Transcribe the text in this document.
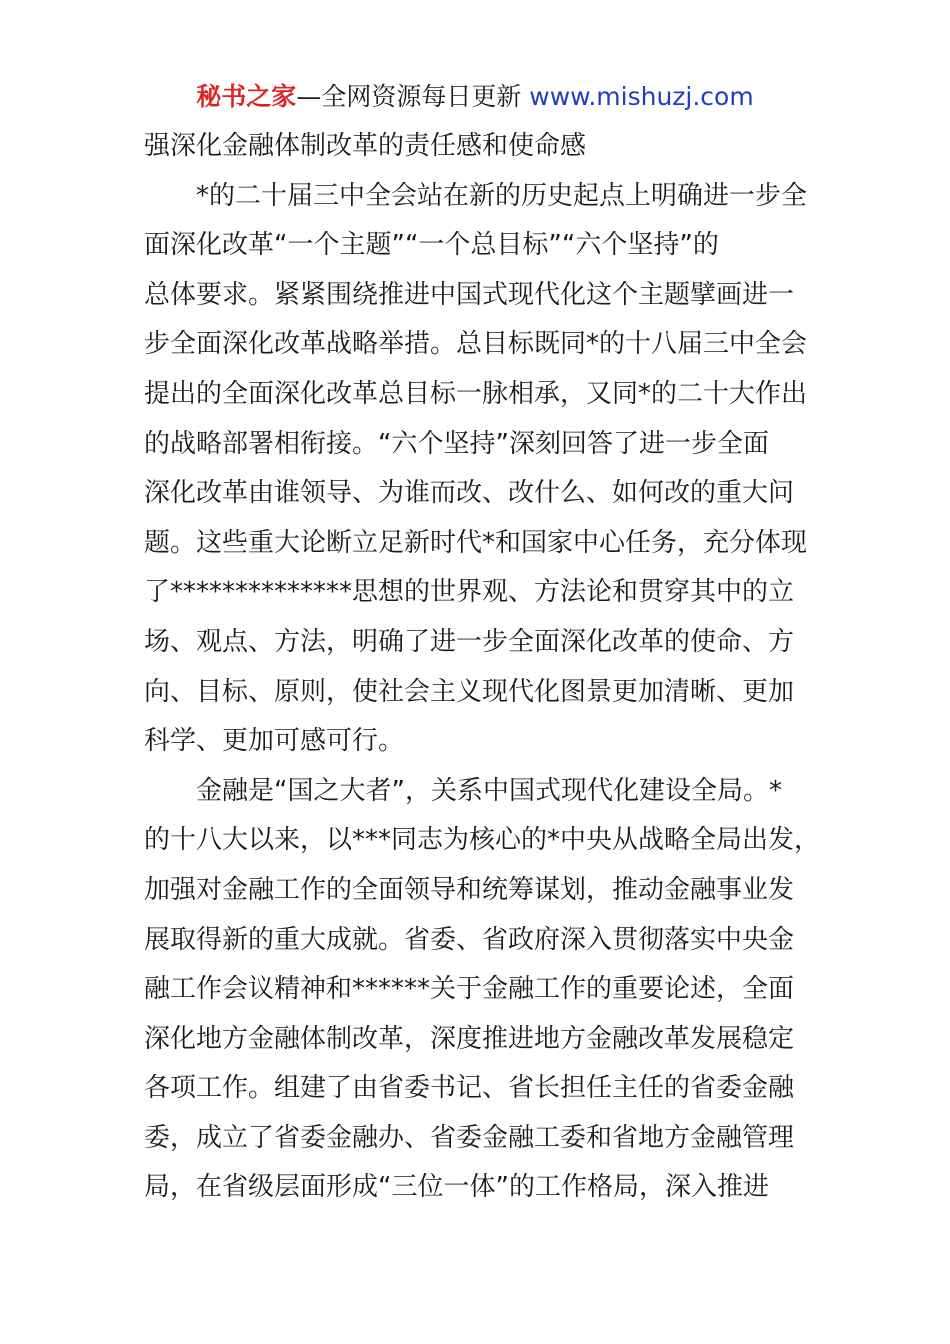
秘书之家—全网资源每日更新 www.mishuzj.com
强深化金融体制改革的责任感和使命感
*的二十届三中全会站在新的历史起点上明确进一步全
面深化改革“一个主题”“一个总目标”“六个坚持”的
总体要求。紧紧围绕推进中国式现代化这个主题擘画进一
步全面深化改革战略举措。总目标既同*的十八届三中全会
提出的全面深化改革总目标一脉相承，又同*的二十大作出
的战略部署相衔接。“六个坚持”深刻回答了进一步全面
深化改革由谁领导、为谁而改、改什么、如何改的重大问
题。这些重大论断立足新时代*和国家中心任务，充分体现
了**************思想的世界观、方法论和贯穿其中的立
场、观点、方法，明确了进一步全面深化改革的使命、方
向、目标、原则，使社会主义现代化图景更加清晰、更加
科学、更加可感可行。
金融是“国之大者”，关系中国式现代化建设全局。*
的十八大以来，以***同志为核心的*中央从战略全局出发，
加强对金融工作的全面领导和统筹谋划，推动金融事业发
展取得新的重大成就。省委、省政府深入贯彻落实中央金
融工作会议精神和******关于金融工作的重要论述，全面
深化地方金融体制改革，深度推进地方金融改革发展稳定
各项工作。组建了由省委书记、省长担任主任的省委金融
委，成立了省委金融办、省委金融工委和省地方金融管理
局，在省级层面形成“三位一体”的工作格局，深入推进
